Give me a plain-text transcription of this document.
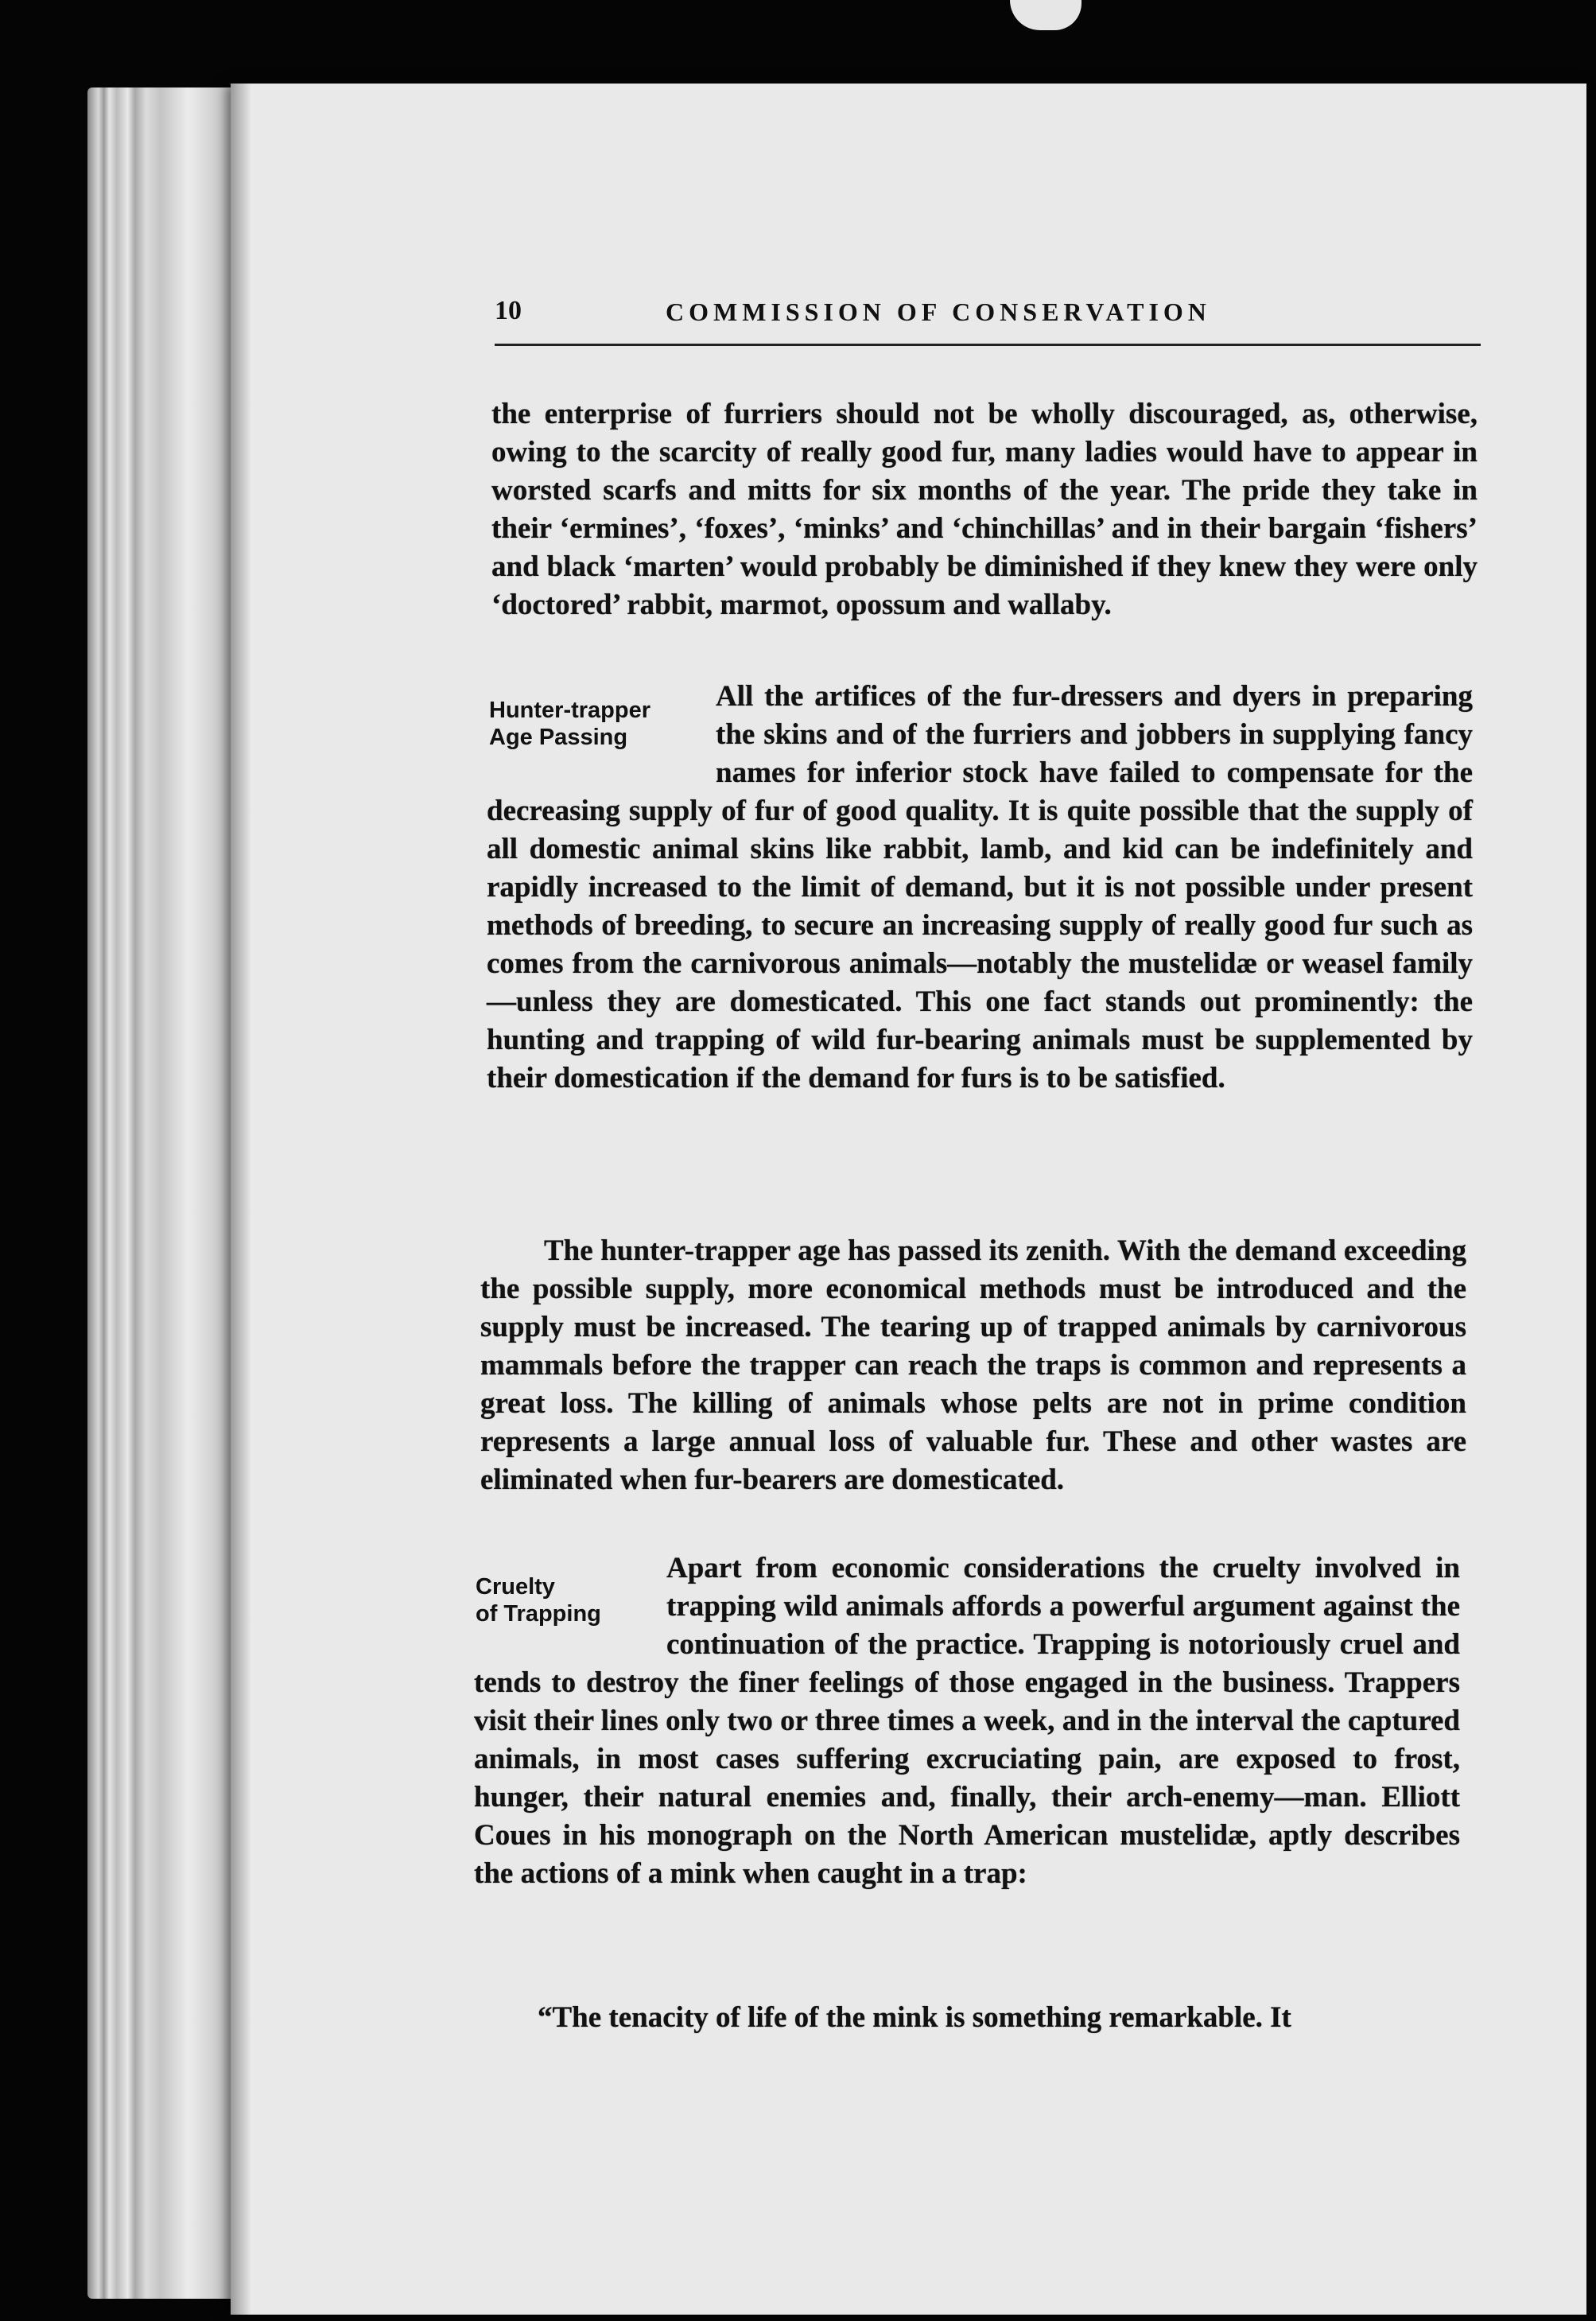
10	COMMISSION OF CONSERVATION

the enterprise of furriers should not be wholly discouraged, as, otherwise, owing to the scarcity of really good fur, many ladies would have to appear in worsted scarfs and mitts for six months of the year. The pride they take in their ‘ermines’, ‘foxes’, ‘minks’ and ‘chinchillas’ and in their bargain ‘fishers’ and black ‘marten’ would probably be diminished if they knew they were only ‘doctored’ rabbit, marmot, opossum and wallaby.

Hunter-trapper
Age Passing
All the artifices of the fur-dressers and dyers in preparing the skins and of the furriers and jobbers in supplying fancy names for inferior stock have failed to compensate for the decreasing supply of fur of good quality. It is quite possible that the supply of all domestic animal skins like rabbit, lamb, and kid can be indefinitely and rapidly increased to the limit of demand, but it is not possible under present methods of breeding, to secure an increasing supply of really good fur such as comes from the carnivorous animals—notably the mustelidæ or weasel family—unless they are domesticated. This one fact stands out prominently: the hunting and trapping of wild fur-bearing animals must be supplemented by their domestication if the demand for furs is to be satisfied.

The hunter-trapper age has passed its zenith. With the demand exceeding the possible supply, more economical methods must be introduced and the supply must be increased. The tearing up of trapped animals by carnivorous mammals before the trapper can reach the traps is common and represents a great loss. The killing of animals whose pelts are not in prime condition represents a large annual loss of valuable fur. These and other wastes are eliminated when fur-bearers are domesticated.

Cruelty
of Trapping
Apart from economic considerations the cruelty involved in trapping wild animals affords a powerful argument against the continuation of the practice. Trapping is notoriously cruel and tends to destroy the finer feelings of those engaged in the business. Trappers visit their lines only two or three times a week, and in the interval the captured animals, in most cases suffering excruciating pain, are exposed to frost, hunger, their natural enemies and, finally, their arch-enemy—man. Elliott Coues in his monograph on the North American mustelidæ, aptly describes the actions of a mink when caught in a trap:

“The tenacity of life of the mink is something remarkable. It
